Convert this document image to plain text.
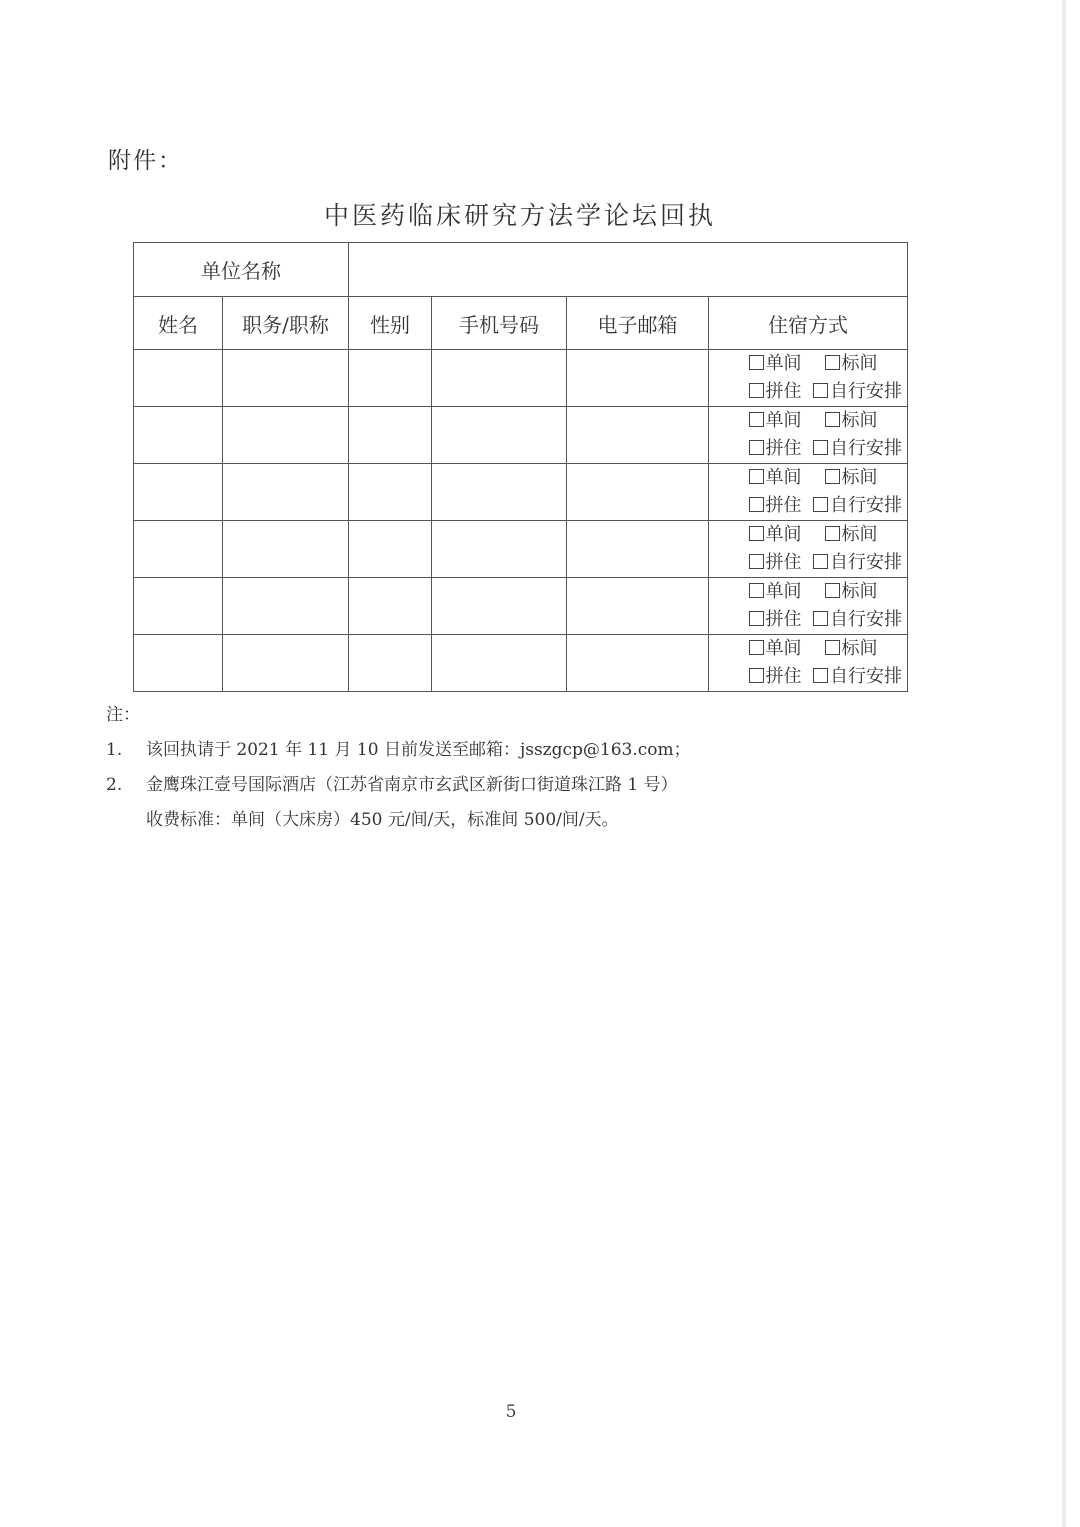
附件：
中医药临床研究方法学论坛回执
单位名称					
姓名	职务/职称	性别	手机号码	电子邮箱	住宿方式

					单间 标间
拼住 自行安排

					单间 标间
拼住 自行安排

					单间 标间
拼住 自行安排

					单间 标间
拼住 自行安排

					单间 标间
拼住 自行安排

					单间 标间
拼住 自行安排
注：
1. 该回执请于 2021 年 11 月 10 日前发送至邮箱：jsszgcp@163.com；
2. 金鹰珠江壹号国际酒店（江苏省南京市玄武区新街口街道珠江路 1 号）
收费标准：单间（大床房）450 元/间/天，标准间 500/间/天。
5
